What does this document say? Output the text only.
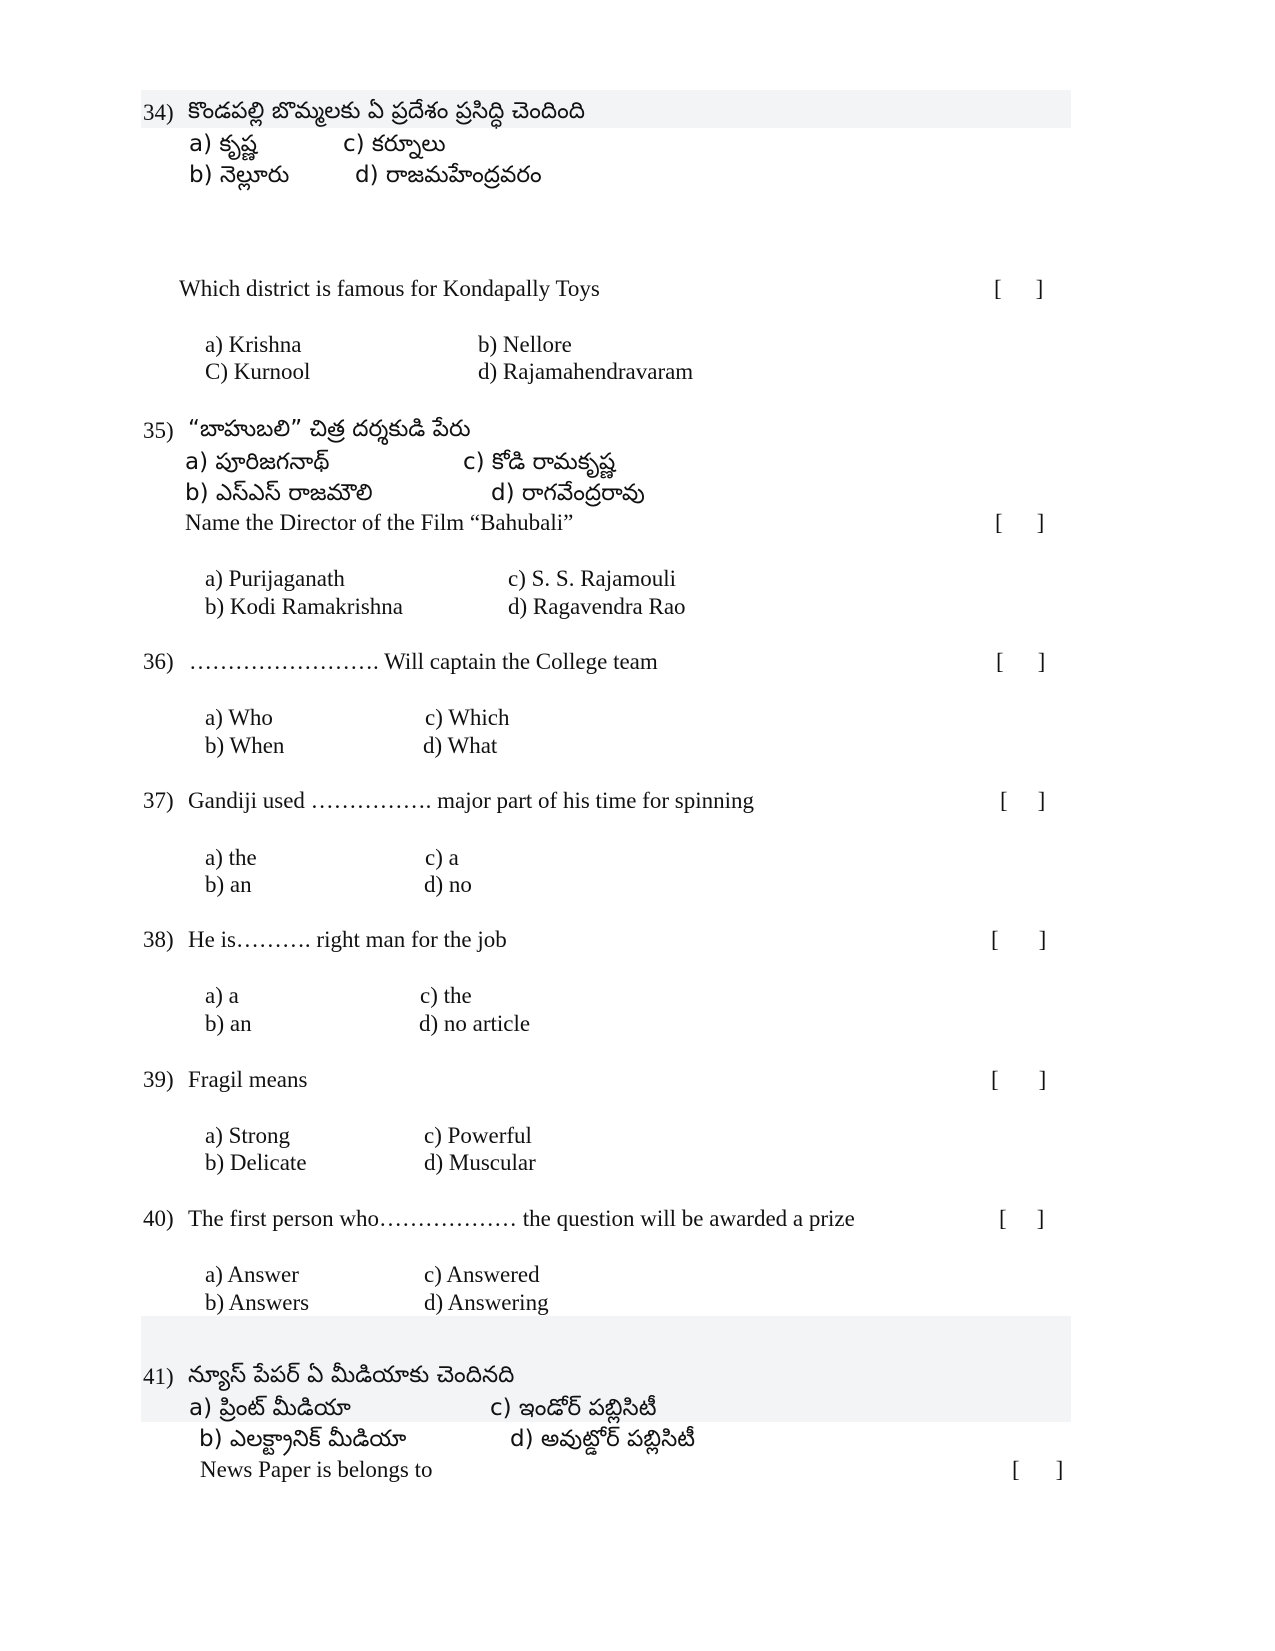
34) కొండపల్లి బొమ్మలకు ఏ ప్రదేశం ప్రసిద్ధి చెందింది
a) కృష్ణ	c) కర్నూలు
b) నెల్లూరు	d) రాజమహేంద్రవరం
Which district is famous for Kondapally Toys	[ ]
a) Krishna	b) Nellore
C) Kurnool	d) Rajamahendravaram
35) “బాహుబలి” చిత్ర దర్శకుడి పేరు
a) పూరిజగనాథ్	c) కోడి రామకృష్ణ
b) ఎస్ఎస్ రాజమౌలి	d) రాగవేంద్రరావు
Name the Director of the Film “Bahubali”	[ ]
a) Purijaganath	c) S. S. Rajamouli
b) Kodi Ramakrishna	d) Ragavendra Rao
36) ……………………. Will captain the College team	[ ]
a) Who	c) Which
b) When	d) What
37) Gandiji used ……………. major part of his time for spinning	[ ]
a) the	c) a
b) an	d) no
38) He is………. right man for the job	[ ]
a) a	c) the
b) an	d) no article
39) Fragil means	[ ]
a) Strong	c) Powerful
b) Delicate	d) Muscular
40) The first person who……………… the question will be awarded a prize	[ ]
a) Answer	c) Answered
b) Answers	d) Answering
41) న్యూస్ పేపర్ ఏ మీడియాకు చెందినది
a) ప్రింట్ మీడియా	c) ఇండోర్ పబ్లిసిటీ
b) ఎలక్ట్రానిక్ మీడియా	d) అవుట్డోర్ పబ్లిసిటీ
News Paper is belongs to	[ ]
